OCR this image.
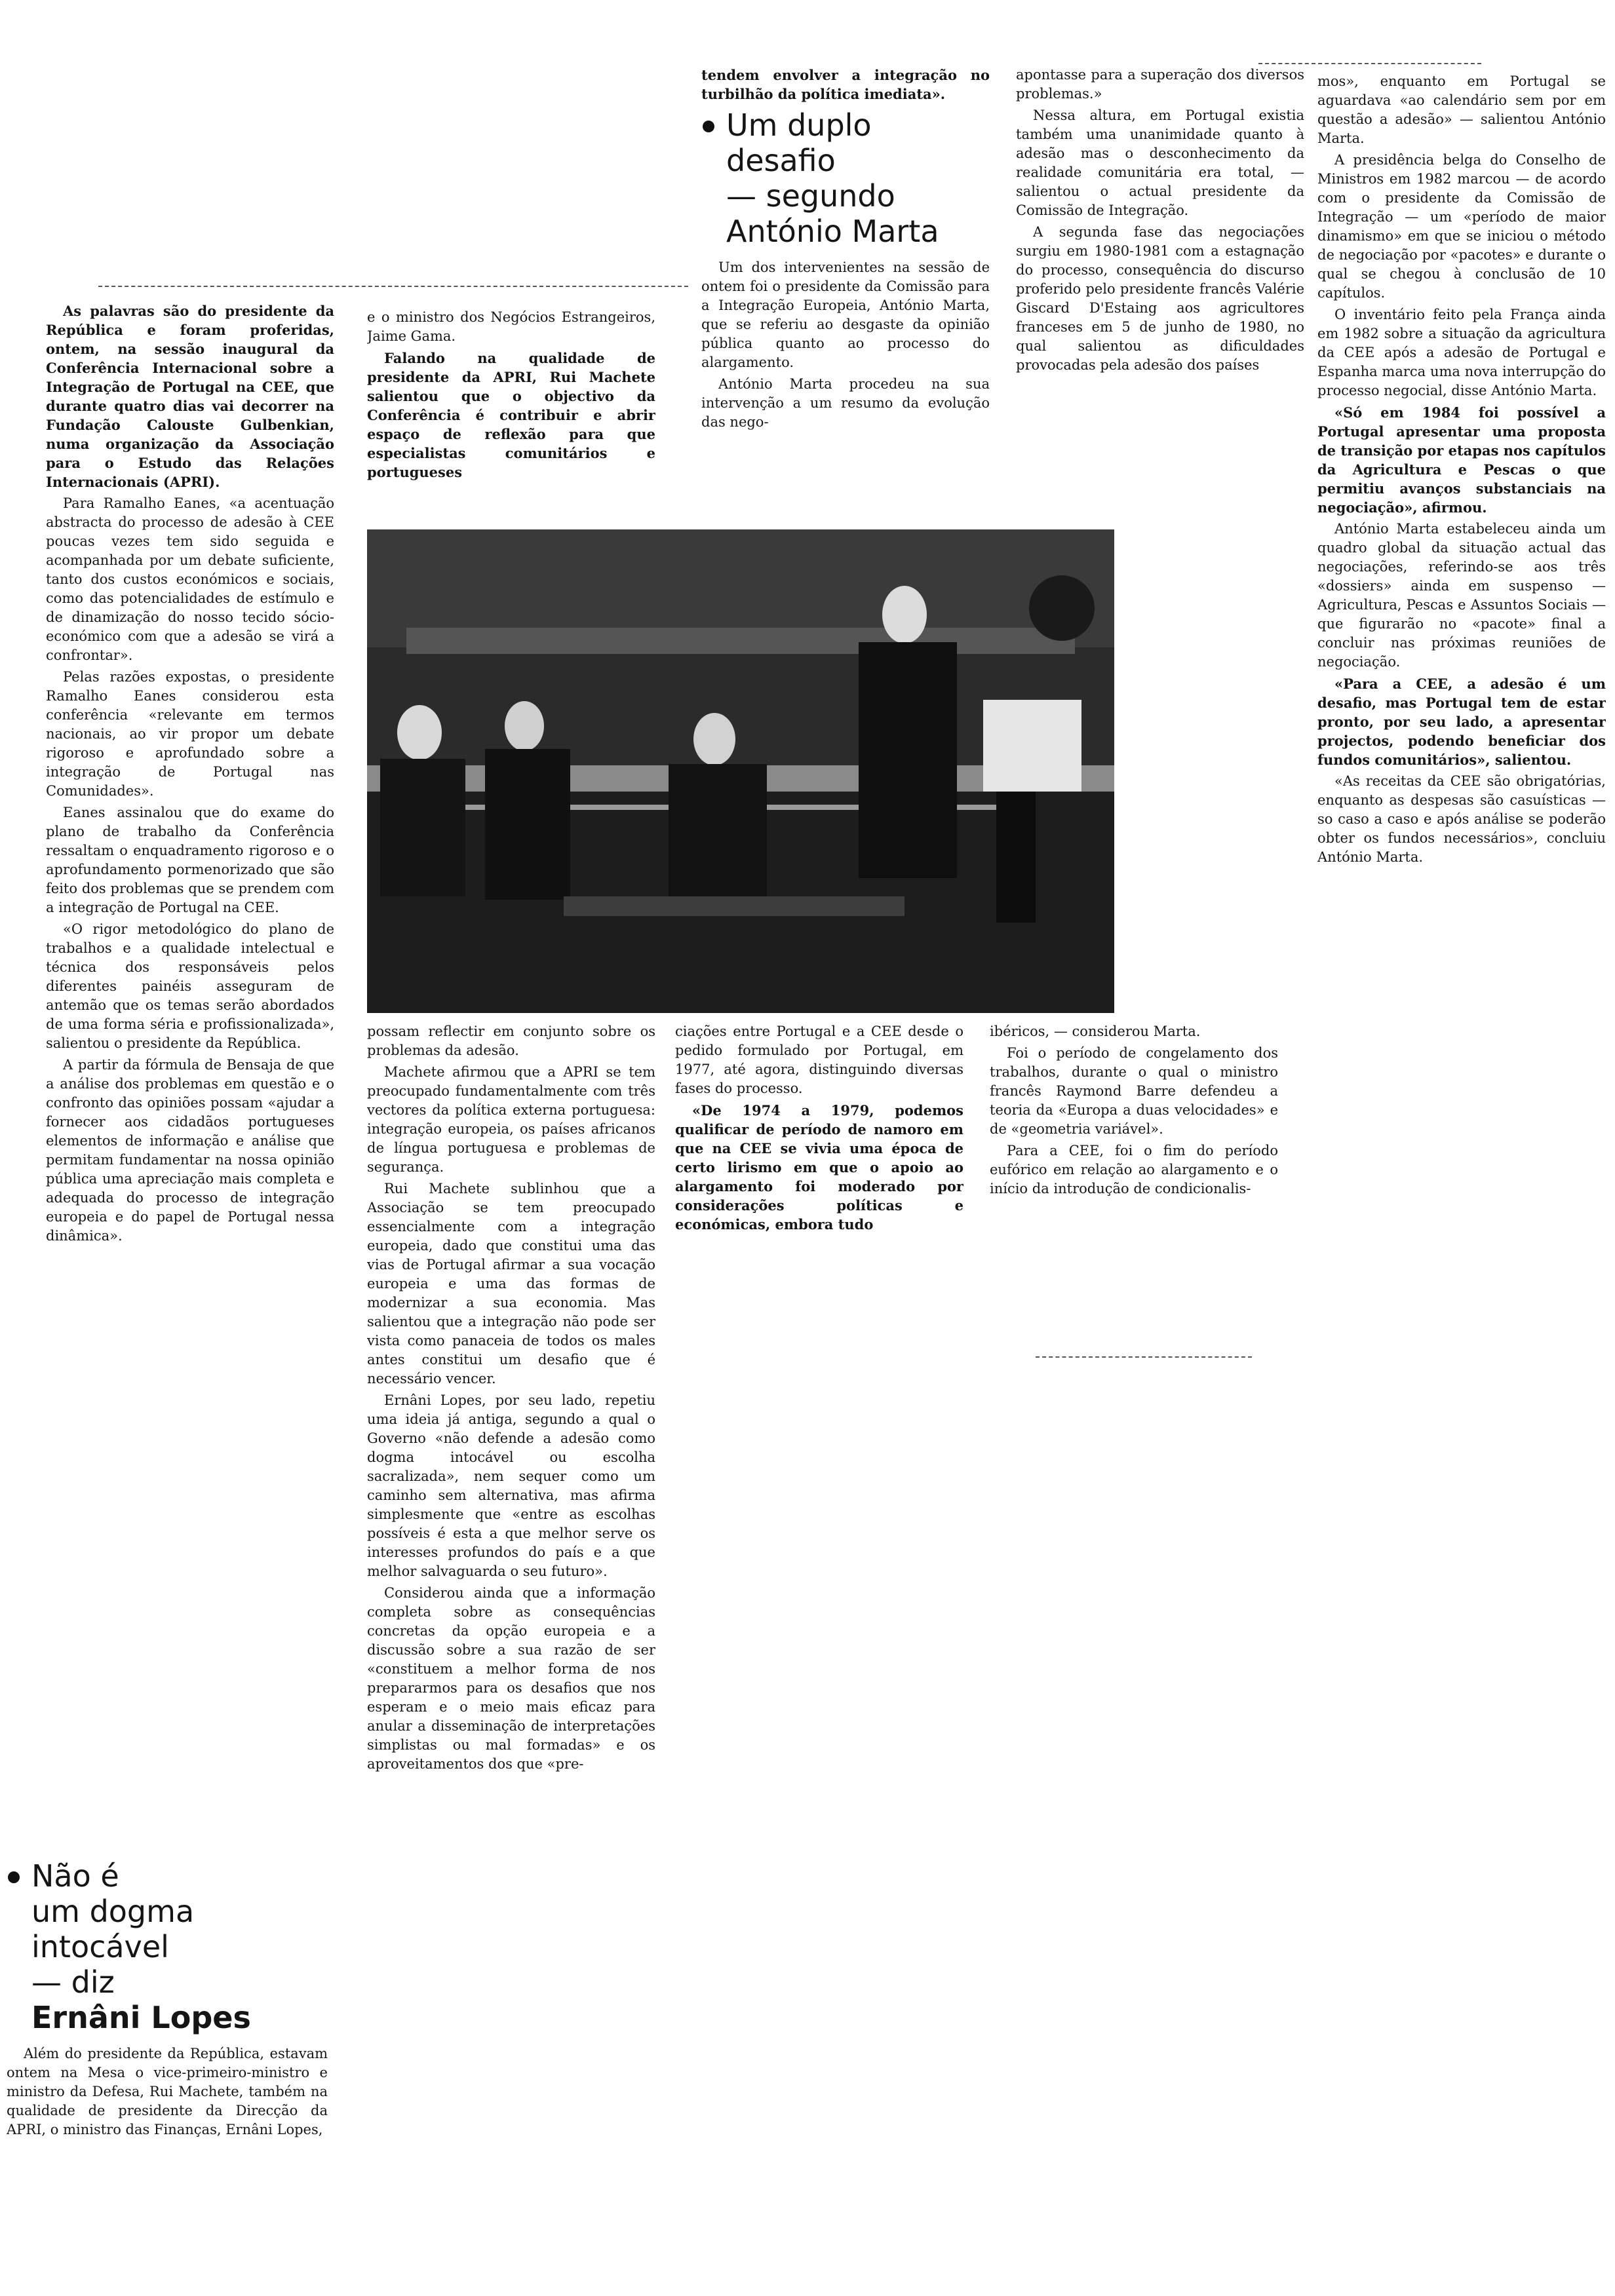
As palavras são do presidente da República e foram proferidas, ontem, na sessão inaugural da Conferência Internacional sobre a Integração de Portugal na CEE, que durante quatro dias vai decorrer na Fundação Calouste Gulbenkian, numa organização da Associação para o Estudo das Relações Internacionais (APRI).

Para Ramalho Eanes, «a acentuação abstracta do processo de adesão à CEE poucas vezes tem sido seguida e acompanhada por um debate suficiente, tanto dos custos económicos e sociais, como das potencialidades de estímulo e de dinamização do nosso tecido sócio-económico com que a adesão se virá a confrontar».

Pelas razões expostas, o presidente Ramalho Eanes considerou esta conferência «relevante em termos nacionais, ao vir propor um debate rigoroso e aprofundado sobre a integração de Portugal nas Comunidades».

Eanes assinalou que do exame do plano de trabalho da Conferência ressaltam o enquadramento rigoroso e o aprofundamento pormenorizado que são feito dos problemas que se prendem com a integração de Portugal na CEE.

«O rigor metodológico do plano de trabalhos e a qualidade intelectual e técnica dos responsáveis pelos diferentes painéis asseguram de antemão que os temas serão abordados de uma forma séria e profissionalizada», salientou o presidente da República.

A partir da fórmula de Bensaja de que a análise dos problemas em questão e o confronto das opiniões possam «ajudar a fornecer aos cidadãos portugueses elementos de informação e análise que permitam fundamentar na nossa opinião pública uma apreciação mais completa e adequada do processo de integração europeia e do papel de Portugal nessa dinâmica».

Não é
um dogma
intocável
— diz
Ernâni Lopes

Além do presidente da República, estavam ontem na Mesa o vice-primeiro-ministro e ministro da Defesa, Rui Machete, também na qualidade de presidente da Direcção da APRI, o ministro das Finanças, Ernâni Lopes,

e o ministro dos Negócios Estrangeiros, Jaime Gama.

Falando na qualidade de presidente da APRI, Rui Machete salientou que o objectivo da Conferência é contribuir e abrir espaço de reflexão para que especialistas comunitários e portugueses

possam reflectir em conjunto sobre os problemas da adesão.

Machete afirmou que a APRI se tem preocupado fundamentalmente com três vectores da política externa portuguesa: integração europeia, os países africanos de língua portuguesa e problemas de segurança.

Rui Machete sublinhou que a Associação se tem preocupado essencialmente com a integração europeia, dado que constitui uma das vias de Portugal afirmar a sua vocação europeia e uma das formas de modernizar a sua economia. Mas salientou que a integração não pode ser vista como panaceia de todos os males antes constitui um desafio que é necessário vencer.

Ernâni Lopes, por seu lado, repetiu uma ideia já antiga, segundo a qual o Governo «não defende a adesão como dogma intocável ou escolha sacralizada», nem sequer como um caminho sem alternativa, mas afirma simplesmente que «entre as escolhas possíveis é esta a que melhor serve os interesses profundos do país e a que melhor salvaguarda o seu futuro».

Considerou ainda que a informação completa sobre as consequências concretas da opção europeia e a discussão sobre a sua razão de ser «constituem a melhor forma de nos prepararmos para os desafios que nos esperam e o meio mais eficaz para anular a disseminação de interpretações simplistas ou mal formadas» e os aproveitamentos dos que «pre-

tendem envolver a integração no turbilhão da política imediata».

Um duplo
desafio
— segundo
António Marta

Um dos intervenientes na sessão de ontem foi o presidente da Comissão para a Integração Europeia, António Marta, que se referiu ao desgaste da opinião pública quanto ao processo do alargamento.

António Marta procedeu na sua intervenção a um resumo da evolução das nego-

ciações entre Portugal e a CEE desde o pedido formulado por Portugal, em 1977, até agora, distinguindo diversas fases do processo.

«De 1974 a 1979, podemos qualificar de período de namoro em que na CEE se vivia uma época de certo lirismo em que o apoio ao alargamento foi moderado por considerações políticas e económicas, embora tudo

apontasse para a superação dos diversos problemas.»

Nessa altura, em Portugal existia também uma unanimidade quanto à adesão mas o desconhecimento da realidade comunitária era total, — salientou o actual presidente da Comissão de Integração.

A segunda fase das negociações surgiu em 1980-1981 com a estagnação do processo, consequência do discurso proferido pelo presidente francês Valérie Giscard D'Estaing aos agricultores franceses em 5 de junho de 1980, no qual salientou as dificuldades provocadas pela adesão dos países

ibéricos, — considerou Marta.

Foi o período de congelamento dos trabalhos, durante o qual o ministro francês Raymond Barre defendeu a teoria da «Europa a duas velocidades» e de «geometria variável».

Para a CEE, foi o fim do período eufórico em relação ao alargamento e o início da introdução de condicionalis-

mos», enquanto em Portugal se aguardava «ao calendário sem por em questão a adesão» — salientou António Marta.

A presidência belga do Conselho de Ministros em 1982 marcou — de acordo com o presidente da Comissão de Integração — um «período de maior dinamismo» em que se iniciou o método de negociação por «pacotes» e durante o qual se chegou à conclusão de 10 capítulos.

O inventário feito pela França ainda em 1982 sobre a situação da agricultura da CEE após a adesão de Portugal e Espanha marca uma nova interrupção do processo negocial, disse António Marta.

«Só em 1984 foi possível a Portugal apresentar uma proposta de transição por etapas nos capítulos da Agricultura e Pescas o que permitiu avanços substanciais na negociação», afirmou.

António Marta estabeleceu ainda um quadro global da situação actual das negociações, referindo-se aos três «dossiers» ainda em suspenso — Agricultura, Pescas e Assuntos Sociais — que figurarão no «pacote» final a concluir nas próximas reuniões de negociação.

«Para a CEE, a adesão é um desafio, mas Portugal tem de estar pronto, por seu lado, a apresentar projectos, podendo beneficiar dos fundos comunitários», salientou.

«As receitas da CEE são obrigatórias, enquanto as despesas são casuísticas — so caso a caso e após análise se poderão obter os fundos necessários», concluiu António Marta.
